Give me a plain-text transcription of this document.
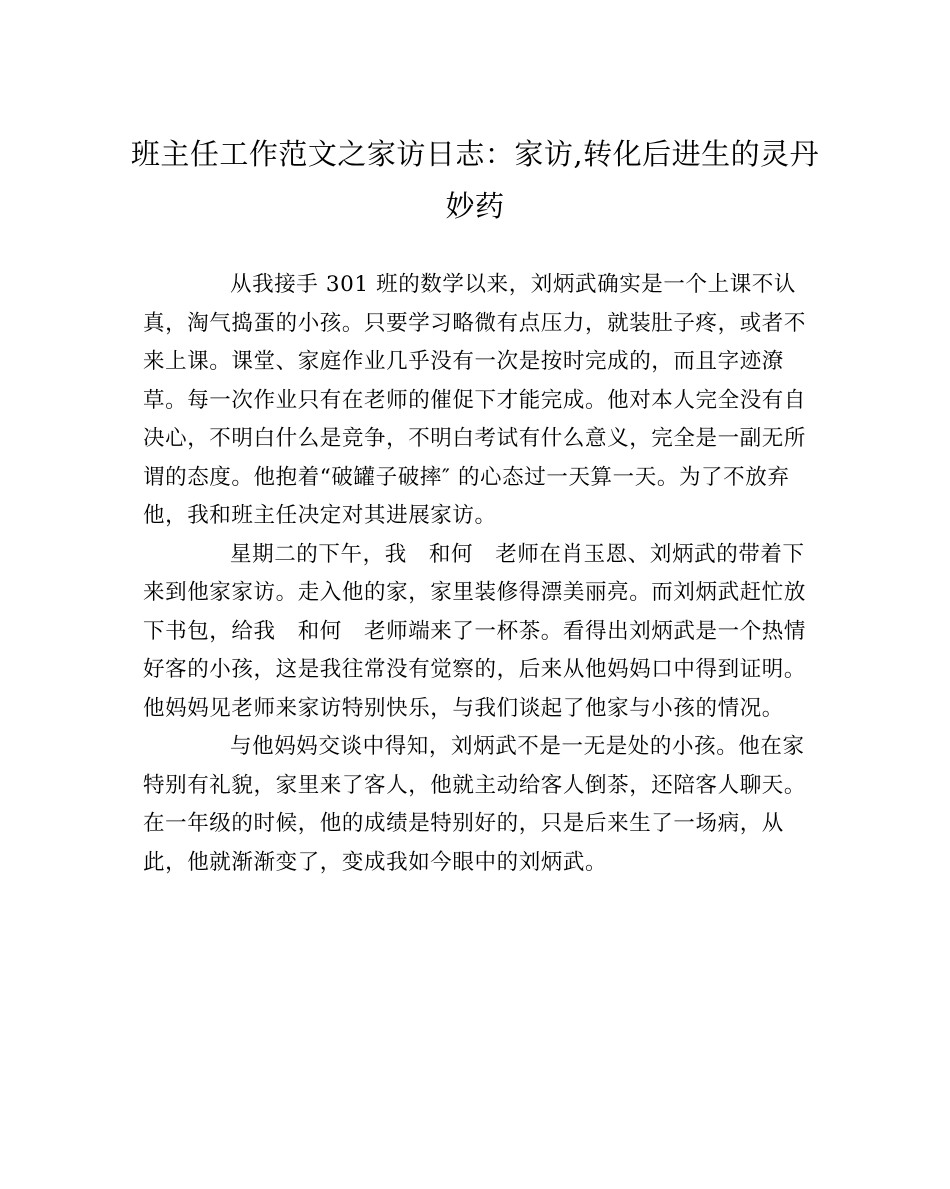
班主任工作范文之家访日志：家访,转化后进生的灵丹
妙药
从我接手 301 班的数学以来，刘炳武确实是一个上课不认
真，淘气捣蛋的小孩。只要学习略微有点压力，就装肚子疼，或者不
来上课。课堂、家庭作业几乎没有一次是按时完成的，而且字迹潦
草。每一次作业只有在老师的催促下才能完成。他对本人完全没有自
决心，不明白什么是竞争，不明白考试有什么意义，完全是一副无所
谓的态度。他抱着“破罐子破摔″ 的心态过一天算一天。为了不放弃
他，我和班主任决定对其进展家访。
星期二的下午，我　和何　老师在肖玉恩、刘炳武的带着下
来到他家家访。走入他的家，家里装修得漂美丽亮。而刘炳武赶忙放
下书包，给我　和何　老师端来了一杯茶。看得出刘炳武是一个热情
好客的小孩，这是我往常没有觉察的，后来从他妈妈口中得到证明。
他妈妈见老师来家访特别快乐，与我们谈起了他家与小孩的情况。
与他妈妈交谈中得知，刘炳武不是一无是处的小孩。他在家
特别有礼貌，家里来了客人，他就主动给客人倒茶，还陪客人聊天。
在一年级的时候，他的成绩是特别好的，只是后来生了一场病，从
此，他就渐渐变了，变成我如今眼中的刘炳武。
